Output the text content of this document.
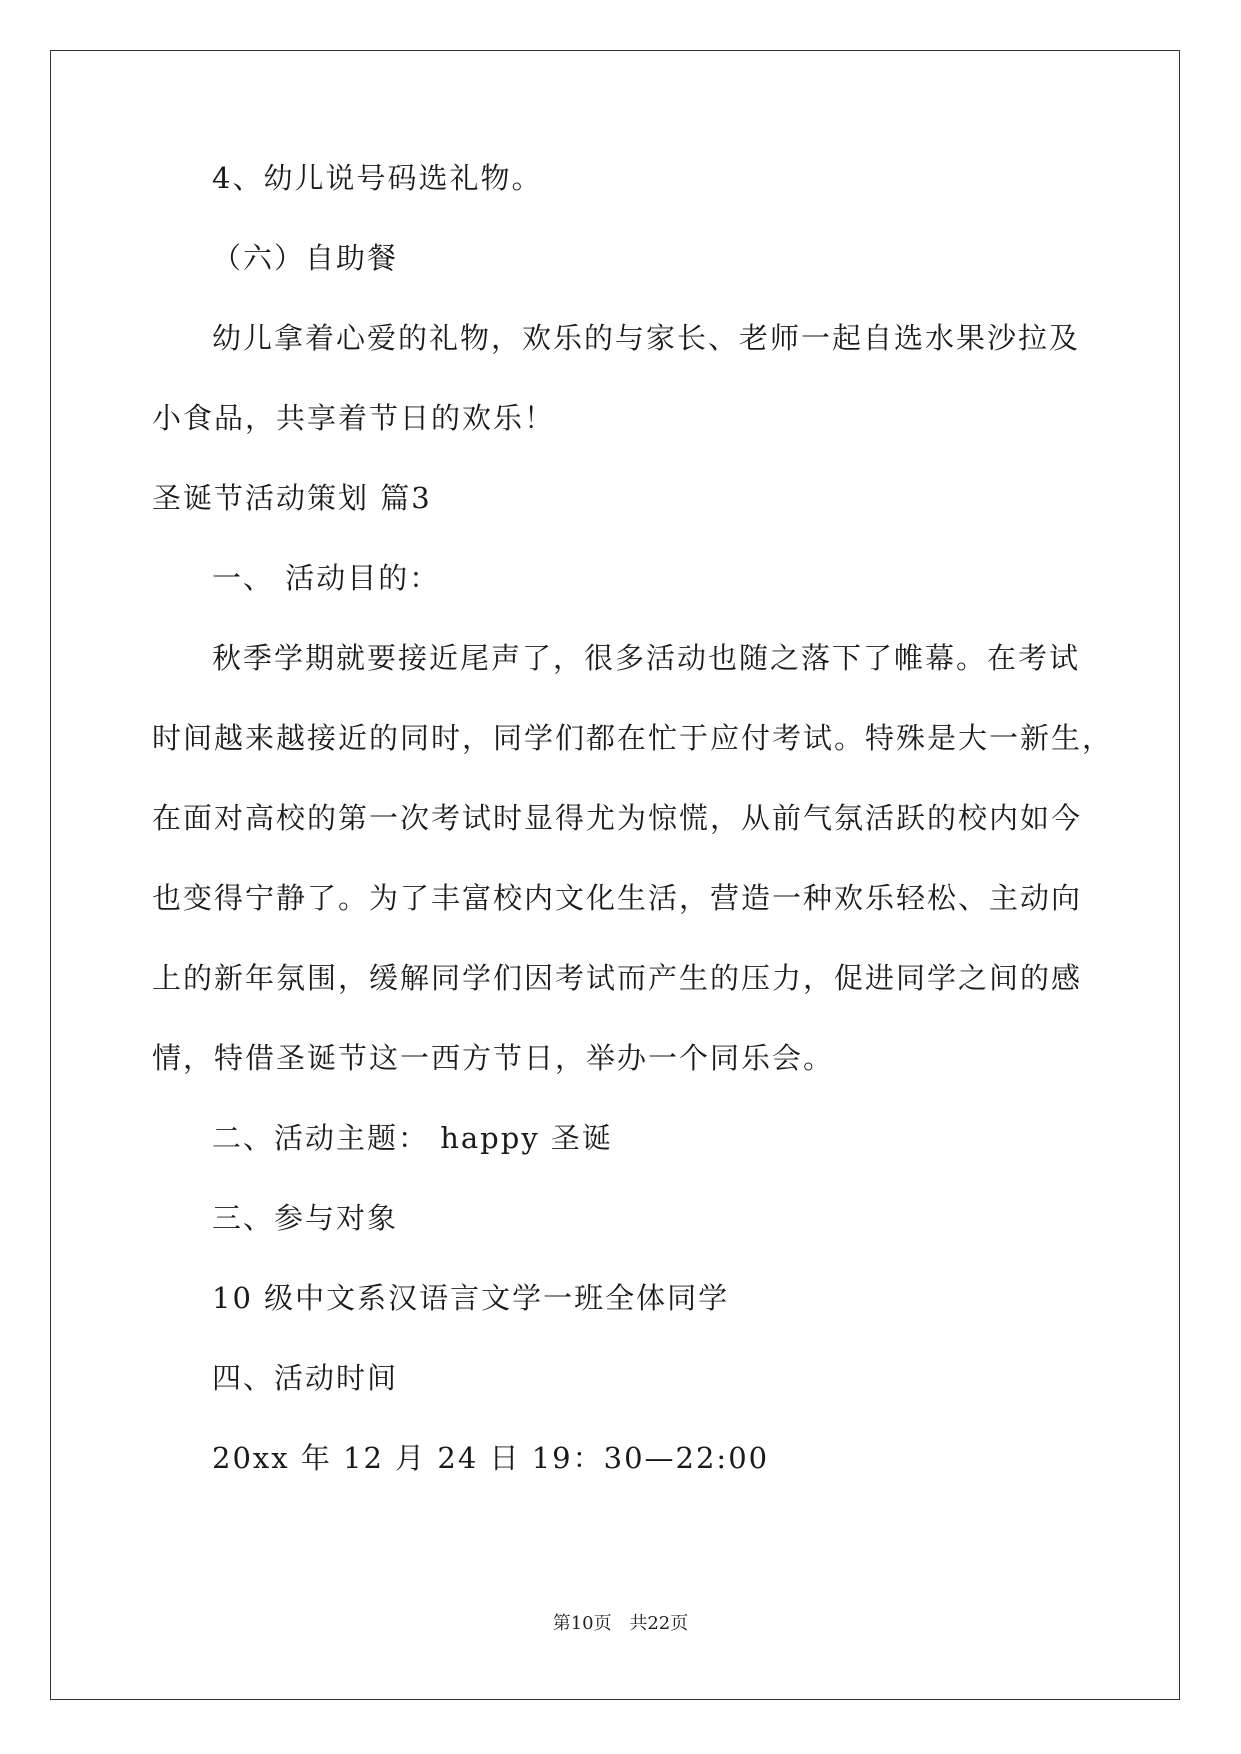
4、幼儿说号码选礼物。
（六）自助餐
幼儿拿着心爱的礼物，欢乐的与家长、老师一起自选水果沙拉及
小食品，共享着节日的欢乐！
圣诞节活动策划 篇3
一、 活动目的：
秋季学期就要接近尾声了，很多活动也随之落下了帷幕。在考试
时间越来越接近的同时，同学们都在忙于应付考试。特殊是大一新生，
在面对高校的第一次考试时显得尤为惊慌，从前气氛活跃的校内如今
也变得宁静了。为了丰富校内文化生活，营造一种欢乐轻松、主动向
上的新年氛围，缓解同学们因考试而产生的压力，促进同学之间的感
情，特借圣诞节这一西方节日，举办一个同乐会。
二、活动主题： happy 圣诞
三、参与对象
10 级中文系汉语言文学一班全体同学
四、活动时间
20xx 年 12 月 24 日 19：30—22:00
第10页 共22页
